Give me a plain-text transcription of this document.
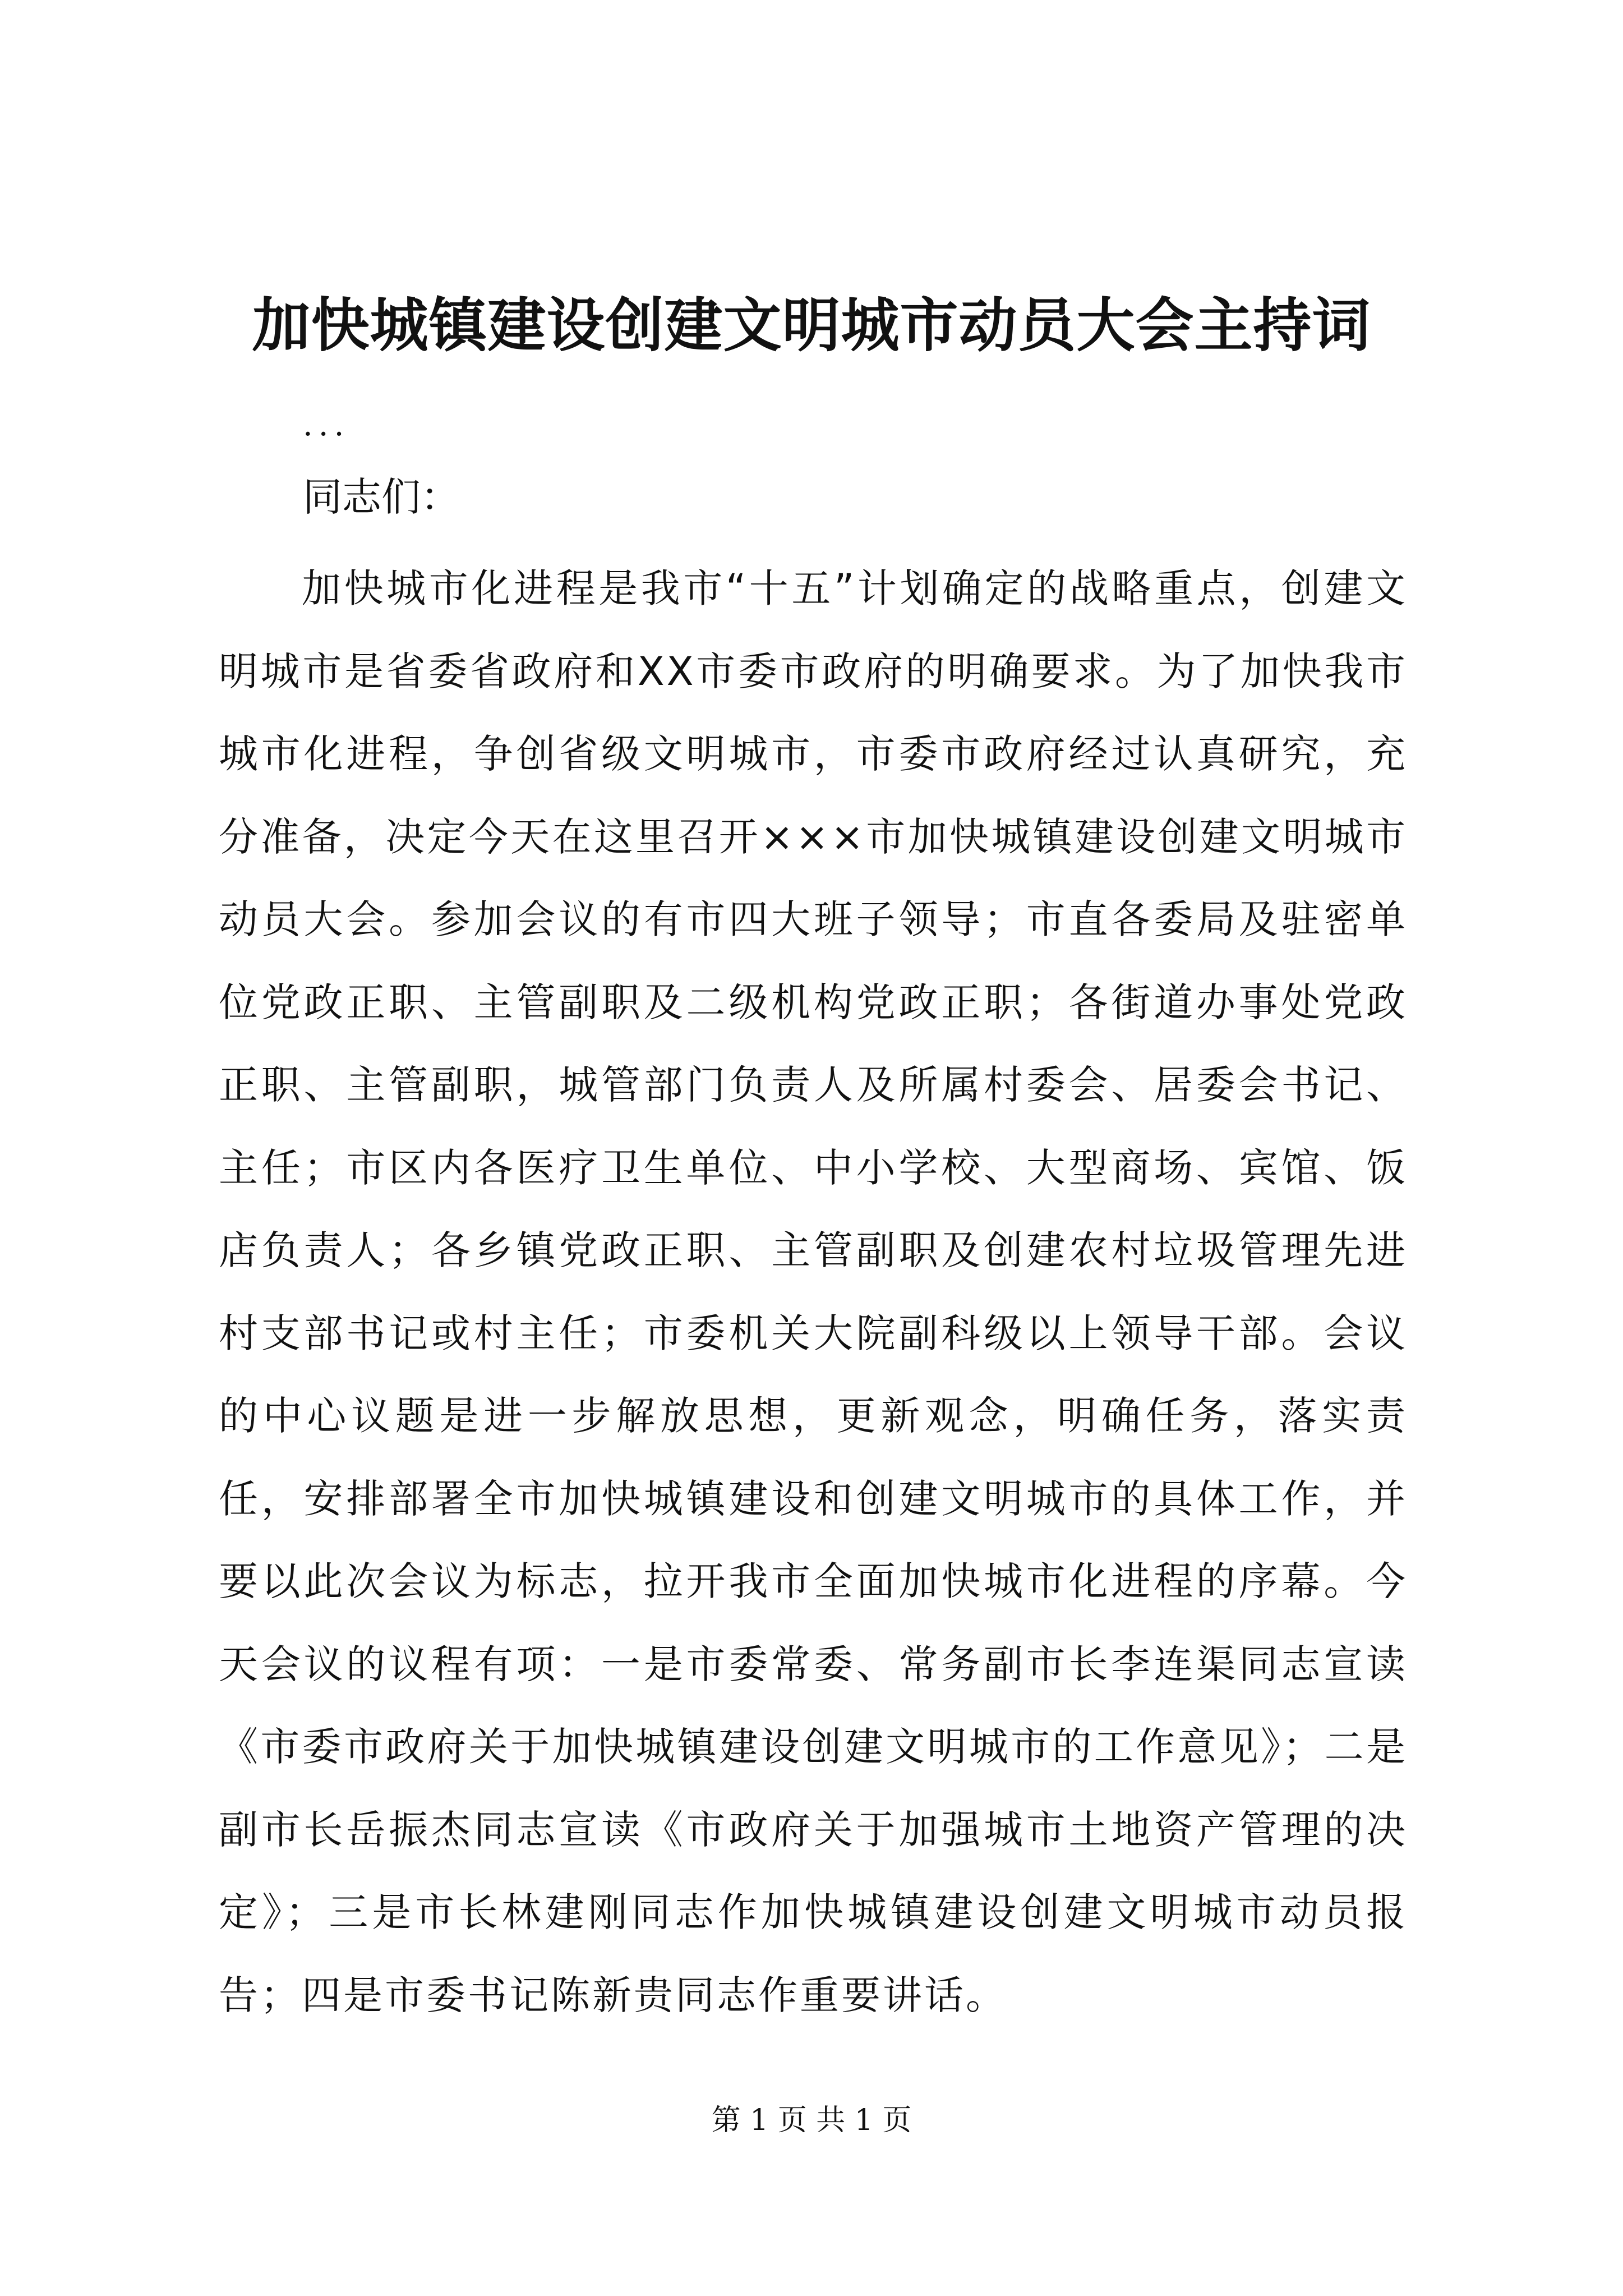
加快城镇建设创建文明城市动员大会主持词

...

同志们：

加快城市化进程是我市“十五”计划确定的战略重点，创建文明城市是省委省政府和XX市委市政府的明确要求。为了加快我市城市化进程，争创省级文明城市，市委市政府经过认真研究，充分准备，决定今天在这里召开×××市加快城镇建设创建文明城市动员大会。参加会议的有市四大班子领导；市直各委局及驻密单位党政正职、主管副职及二级机构党政正职；各街道办事处党政正职、主管副职，城管部门负责人及所属村委会、居委会书记、主任；市区内各医疗卫生单位、中小学校、大型商场、宾馆、饭店负责人；各乡镇党政正职、主管副职及创建农村垃圾管理先进村支部书记或村主任；市委机关大院副科级以上领导干部。会议的中心议题是进一步解放思想，更新观念，明确任务，落实责任，安排部署全市加快城镇建设和创建文明城市的具体工作，并要以此次会议为标志，拉开我市全面加快城市化进程的序幕。今天会议的议程有项：一是市委常委、常务副市长李连渠同志宣读《市委市政府关于加快城镇建设创建文明城市的工作意见》；二是副市长岳振杰同志宣读《市政府关于加强城市土地资产管理的决定》；三是市长林建刚同志作加快城镇建设创建文明城市动员报告；四是市委书记陈新贵同志作重要讲话。

第 1 页 共 1 页
